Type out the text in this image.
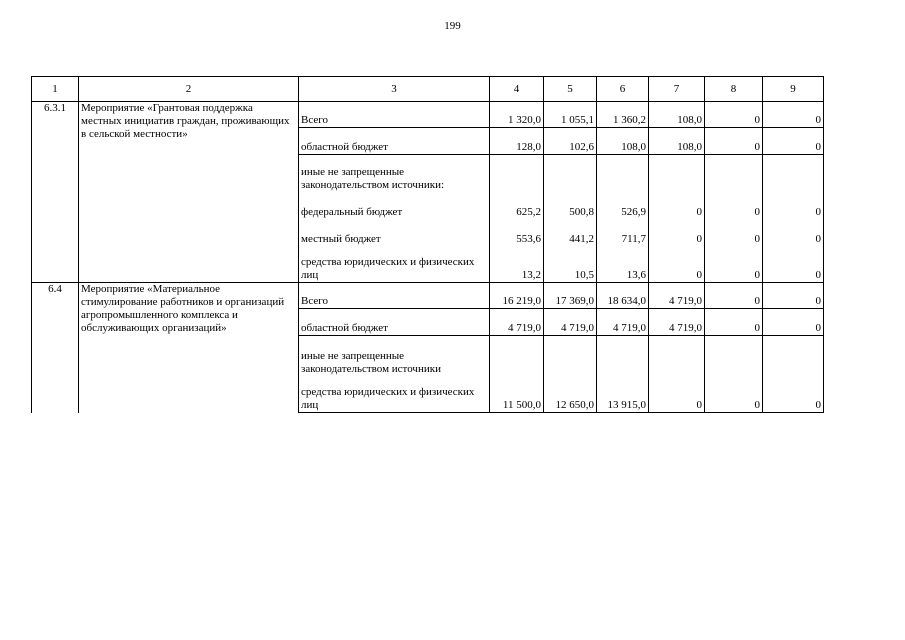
199
1	2	3	4	5	6	7	8	9
6.3.1	Мероприятие «Грантовая поддержка местных инициатив граждан, проживающих в сельской местности»	Всего	1 320,0	1 055,1	1 360,2	108,0	0	0
		областной бюджет	128,0	102,6	108,0	108,0	0	0
		иные не запрещенные законодательством источники:						
		федеральный бюджет	625,2	500,8	526,9	0	0	0
		местный бюджет	553,6	441,2	711,7	0	0	0
		средства юридических и физических лиц	13,2	10,5	13,6	0	0	0
6.4	Мероприятие «Материальное стимулирование работников и организаций агропромышленного комплекса и обслуживающих организаций»	Всего	16 219,0	17 369,0	18 634,0	4 719,0	0	0
		областной бюджет	4 719,0	4 719,0	4 719,0	4 719,0	0	0
		иные не запрещенные законодательством источники						
		средства юридических и физических лиц	11 500,0	12 650,0	13 915,0	0	0	0
